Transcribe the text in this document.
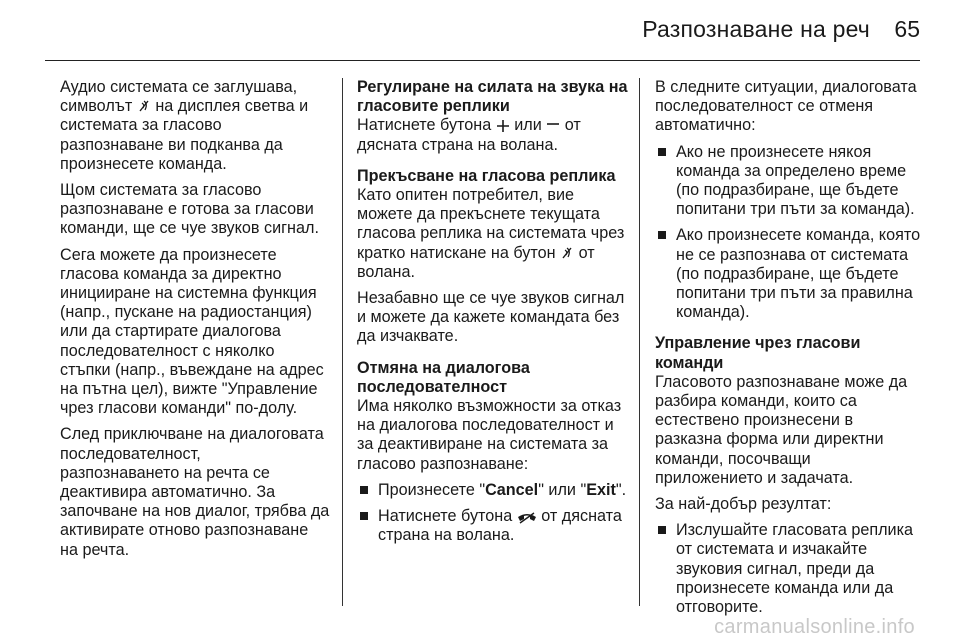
Разпознаване на реч 65
Аудио системата се заглушава,
символът на дисплея светва и
системата за гласово
разпознаване ви подканва да
произнесете команда.
Щом системата за гласово
разпознаване е готова за гласови
команди, ще се чуе звуков сигнал.
Сега можете да произнесете
гласова команда за директно
иницииране на системна функция
(напр., пускане на радиостанция)
или да стартирате диалогова
последователност с няколко
стъпки (напр., въвеждане на адрес
на пътна цел), вижте "Управление
чрез гласови команди" по-долу.
След приключване на диалоговата
последователност,
разпознаването на речта се
деактивира автоматично. За
започване на нов диалог, трябва да
активирате отново разпознаване
на речта.
Регулиране на силата на звука на
гласовите реплики
Натиснете бутона или от
дясната страна на волана.
Прекъсване на гласова реплика
Като опитен потребител, вие
можете да прекъснете текущата
гласова реплика на системата чрез
кратко натискане на бутон от
волана.
Незабавно ще се чуе звуков сигнал
и можете да кажете командата без
да изчаквате.
Отмяна на диалогова
последователност
Има няколко възможности за отказ
на диалогова последователност и
за деактивиране на системата за
гласово разпознаване:
Произнесете "Cancel" или "Exit".
Натиснете бутона от дясната
страна на волана.
В следните ситуации, диалоговата
последователност се отменя
автоматично:
Ако не произнесете някоя
команда за определено време
(по подразбиране, ще бъдете
попитани три пъти за команда).
Ако произнесете команда, която
не се разпознава от системата
(по подразбиране, ще бъдете
попитани три пъти за правилна
команда).
Управление чрез гласови команди
Гласовото разпознаване може да
разбира команди, които са
естествено произнесени в
разказна форма или директни
команди, посочващи
приложението и задачата.
За най-добър резултат:
Изслушайте гласовата реплика
от системата и изчакайте
звуковия сигнал, преди да
произнесете команда или да
отговорите.
carmanualsonline.info
